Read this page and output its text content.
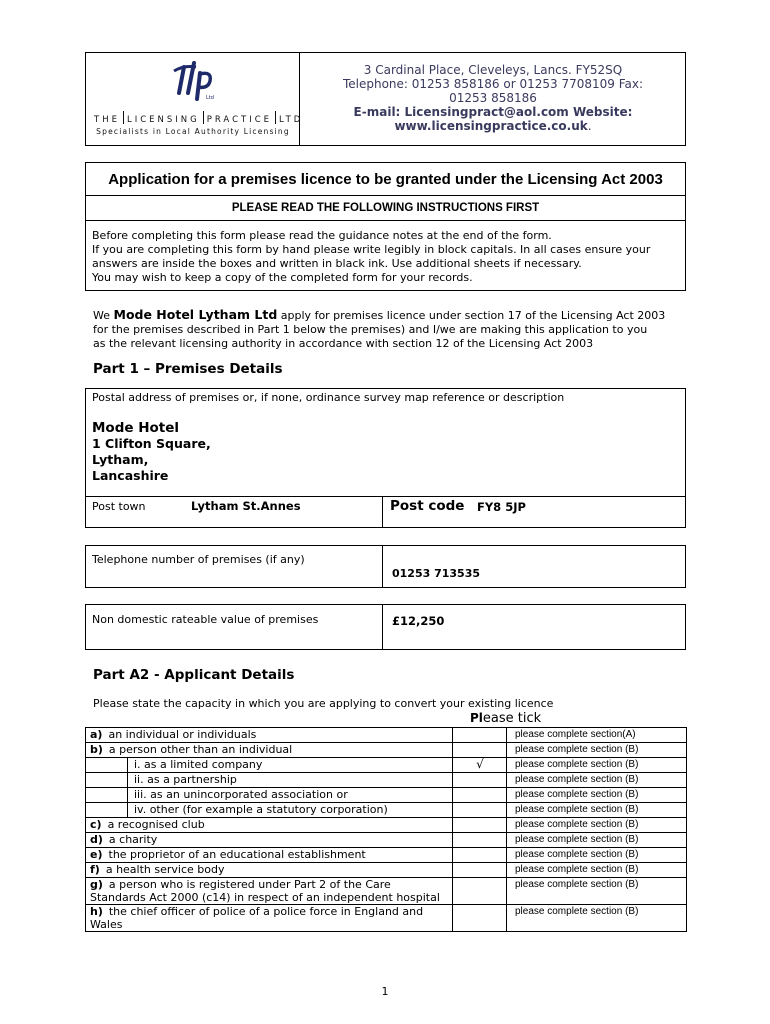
Ltd
THE LICENSING PRACTICE LTD
Specialists in Local Authority Licensing
3 Cardinal Place, Cleveleys, Lancs. FY52SQ
Telephone: 01253 858186 or 01253 7708109 Fax:
01253 858186
E-mail: Licensingpract@aol.com Website:
www.licensingpractice.co.uk.
Application for a premises licence to be granted under the Licensing Act 2003
PLEASE READ THE FOLLOWING INSTRUCTIONS FIRST
Before completing this form please read the guidance notes at the end of the form.
If you are completing this form by hand please write legibly in block capitals. In all cases ensure your
answers are inside the boxes and written in black ink. Use additional sheets if necessary.
You may wish to keep a copy of the completed form for your records.
We Mode Hotel Lytham Ltd apply for premises licence under section 17 of the Licensing Act 2003
for the premises described in Part 1 below the premises) and I/we are making this application to you
as the relevant licensing authority in accordance with section 12 of the Licensing Act 2003
Part 1 – Premises Details
Postal address of premises or, if none, ordinance survey map reference or description
Mode Hotel
1 Clifton Square,
Lytham,
Lancashire
Post town	Lytham St.Annes	Post code FY8 5JP
Telephone number of premises (if any)
01253 713535
Non domestic rateable value of premises	£12,250
Part A2 - Applicant Details
Please state the capacity in which you are applying to convert your existing licence
Please tick
a) an individual or individuals			please complete section(A)
b) a person other than an individual			please complete section (B)
	i. as a limited company	√	please complete section (B)
	ii. as a partnership		please complete section (B)
	iii. as an unincorporated association or		please complete section (B)
	iv. other (for example a statutory corporation)		please complete section (B)
c) a recognised club			please complete section (B)
d) a charity			please complete section (B)
e) the proprietor of an educational establishment			please complete section (B)
f) a health service body			please complete section (B)
g) a person who is registered under Part 2 of the Care Standards Act 2000 (c14) in respect of an independent hospital			please complete section (B)
h) the chief officer of police of a police force in England and Wales			please complete section (B)
1
